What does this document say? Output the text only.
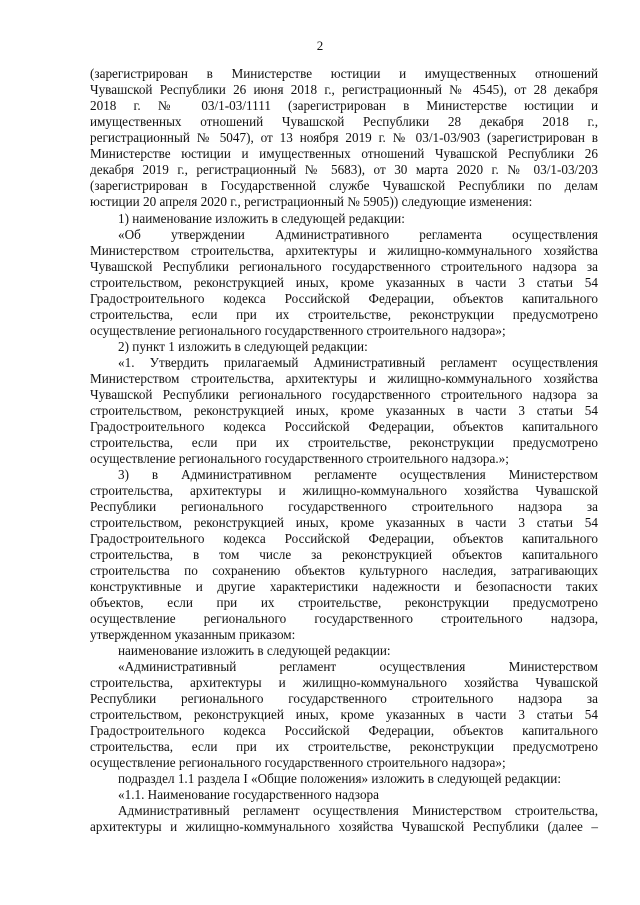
2
(зарегистрирован в Министерстве юстиции и имущественных отношений
Чувашской Республики 26 июня 2018 г., регистрационный № 4545), от 28 декабря
2018 г. № 03/1-03/1111 (зарегистрирован в Министерстве юстиции и
имущественных отношений Чувашской Республики 28 декабря 2018 г.,
регистрационный № 5047), от 13 ноября 2019 г. № 03/1-03/903 (зарегистрирован в
Министерстве юстиции и имущественных отношений Чувашской Республики 26
декабря 2019 г., регистрационный № 5683), от 30 марта 2020 г. № 03/1-03/203
(зарегистрирован в Государственной службе Чувашской Республики по делам
юстиции 20 апреля 2020 г., регистрационный № 5905)) следующие изменения:
1) наименование изложить в следующей редакции:
«Об утверждении Административного регламента осуществления
Министерством строительства, архитектуры и жилищно-коммунального хозяйства
Чувашской Республики регионального государственного строительного надзора за
строительством, реконструкцией иных, кроме указанных в части 3 статьи 54
Градостроительного кодекса Российской Федерации, объектов капитального
строительства, если при их строительстве, реконструкции предусмотрено
осуществление регионального государственного строительного надзора»;
2) пункт 1 изложить в следующей редакции:
«1. Утвердить прилагаемый Административный регламент осуществления
Министерством строительства, архитектуры и жилищно-коммунального хозяйства
Чувашской Республики регионального государственного строительного надзора за
строительством, реконструкцией иных, кроме указанных в части 3 статьи 54
Градостроительного кодекса Российской Федерации, объектов капитального
строительства, если при их строительстве, реконструкции предусмотрено
осуществление регионального государственного строительного надзора.»;
3) в Административном регламенте осуществления Министерством
строительства, архитектуры и жилищно-коммунального хозяйства Чувашской
Республики регионального государственного строительного надзора за
строительством, реконструкцией иных, кроме указанных в части 3 статьи 54
Градостроительного кодекса Российской Федерации, объектов капитального
строительства, в том числе за реконструкцией объектов капитального
строительства по сохранению объектов культурного наследия, затрагивающих
конструктивные и другие характеристики надежности и безопасности таких
объектов, если при их строительстве, реконструкции предусмотрено
осуществление регионального государственного строительного надзора,
утвержденном указанным приказом:
наименование изложить в следующей редакции:
«Административный регламент осуществления Министерством
строительства, архитектуры и жилищно-коммунального хозяйства Чувашской
Республики регионального государственного строительного надзора за
строительством, реконструкцией иных, кроме указанных в части 3 статьи 54
Градостроительного кодекса Российской Федерации, объектов капитального
строительства, если при их строительстве, реконструкции предусмотрено
осуществление регионального государственного строительного надзора»;
подраздел 1.1 раздела I «Общие положения» изложить в следующей редакции:
«1.1. Наименование государственного надзора
Административный регламент осуществления Министерством строительства,
архитектуры и жилищно-коммунального хозяйства Чувашской Республики (далее –
